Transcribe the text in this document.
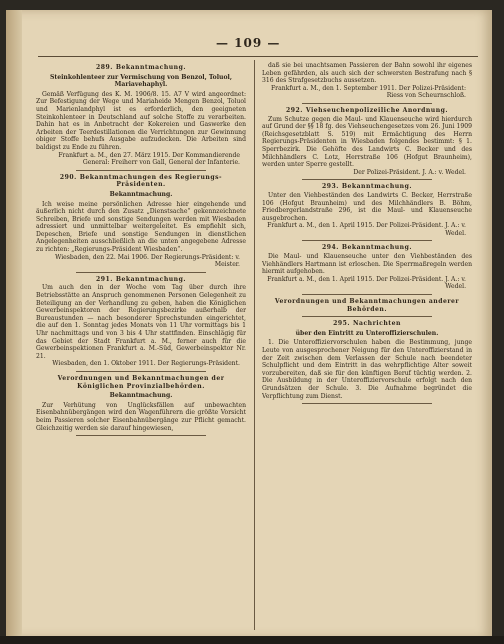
— 109 —
289. Bekanntmachung.
Steinkohlenteer zur Vermischung von Benzol, Toluol, Mariavehaphyl.

Gemäß Verfügung des K. M. 1906/8. 15. A7 V wird angeordnet: Zur Befestigung der Wege und Mariaheide Mengen Benzol, Toluol und Marienlandphyl ist es erforderlich, den geeigneten Steinkohlenteer in Deutschland auf solche Stoffe zu verarbeiten. Dahin hat es in Anbetracht der Kokereien und Gaswerke den Arbeiten der Teerdestillationen die Verrichtungen zur Gewinnung obiger Stoffe behufs Ausgabe aufzudecken. Die Arbeiten sind baldigst zu Ende zu führen.

Frankfurt a. M., den 27. März 1915. Der Kommandierende General: Freiherr von Gall, General der Infanterie.
290. Bekanntmachungen des Regierungs-Präsidenten.
Bekanntmachung.

Ich weise meine persönlichen Adresse hier eingehende und äußerlich nicht durch den Zusatz „Dienstsache“ gekennzeichnete Schreiben, Briefe und sonstige Sendungen werden mit Wiesbaden adressiert und unmittelbar weitergeleitet. Es empfiehlt sich, Depeschen, Briefe und sonstige Sendungen in dienstlichen Angelegenheiten ausschließlich an die unten angegebene Adresse zu richten: „Regierungs-Präsident Wiesbaden“.

Wiesbaden, den 22. Mai 1906. Der Regierungs-Präsident: v. Meister.
291. Bekanntmachung.

Um auch den in der Woche vom Tag über durch ihre Betriebsstätte an Anspruch genommenen Personen Gelegenheit zu Beteiligung an der Verhandlung zu geben, haben die Königlichen Gewerbeinspektoren der Regierungsbezirke außerhalb der Bureaustunden — nach besonderer Sprechstunden eingerichtet, die auf den 1. Sonntag jedes Monats von 11 Uhr vormittags bis 1 Uhr nachmittags und von 3 bis 4 Uhr stattfinden. Einschlägig für das Gebiet der Stadt Frankfurt a. M., ferner auch für die Gewerbeinspektionen Frankfurt a. M.-Süd, Gewerbeinspektor Nr. 21.

Wiesbaden, den 1. Oktober 1911. Der Regierungs-Präsident.
Verordnungen und Bekanntmachungen der Königlichen Provinzialbehörden.
Bekanntmachung.

Zur Verhütung von Unglücksfällen auf unbewachten Eisenbahnübergängen wird den Wagenführern die größte Vorsicht beim Passieren solcher Eisenbahnübergänge zur Pflicht gemacht. Gleichzeitig werden sie darauf hingewiesen,

daß sie bei unachtsamen Passieren der Bahn sowohl ihr eigenes Leben gefährden, als auch sich der schwersten Bestrafung nach § 316 des Strafgesetzbuchs aussetzen.

Frankfurt a. M., den 1. September 1911. Der Polizei-Präsident: Riess von Scheurnschloß.
292. Viehseuchenpolizeiliche Anordnung.

Zum Schutze gegen die Maul- und Klauenseuche wird hierdurch auf Grund der §§ 18 fg. des Viehseuchengesetzes vom 26. Juni 1909 (Reichsgesetzblatt S. 519) mit Ermächtigung des Herrn Regierungs-Präsidenten in Wiesbaden folgendes bestimmt: § 1. Sperrbezirk. Die Gehöfte des Landwirts C. Becker und des Milchhändlers C. Lotz, Herrstraße 106 (Hofgut Braunheim), werden unter Sperre gestellt.

Der Polizei-Präsident. J. A.: v. Wedel.
293. Bekanntmachung.

Unter den Viehbeständen des Landwirts C. Becker, Herrstraße 106 (Hofgut Braunheim) und des Milchhändlers B. Böhm, Friedbergerlandstraße 296, ist die Maul- und Klauenseuche ausgebrochen.

Frankfurt a. M., den 1. April 1915. Der Polizei-Präsident. J. A.: v. Wedel.
294. Bekanntmachung.

Die Maul- und Klauenseuche unter den Viehbeständen des Viehhändlers Hartmann ist erloschen. Die Sperrmaßregeln werden hiermit aufgehoben.

Frankfurt a. M., den 1. April 1915. Der Polizei-Präsident. J. A.: v. Wedel.
Verordnungen und Bekanntmachungen anderer Behörden.
295. Nachrichten
über den Eintritt zu Unteroffizierschulen.

1. Die Unteroffiziervorschulen haben die Bestimmung, junge Leute von ausgesprochener Neigung für den Unteroffizierstand in der Zeit zwischen dem Verlassen der Schule nach beendeter Schulpflicht und dem Eintritt in das wehrpflichtige Alter soweit vorzubereiten, daß sie für den künftigen Beruf tüchtig werden. 2. Die Ausbildung in der Unteroffiziervorschule erfolgt nach den Grundsätzen der Schule. 3. Die Aufnahme begründet die Verpflichtung zum Dienst.
